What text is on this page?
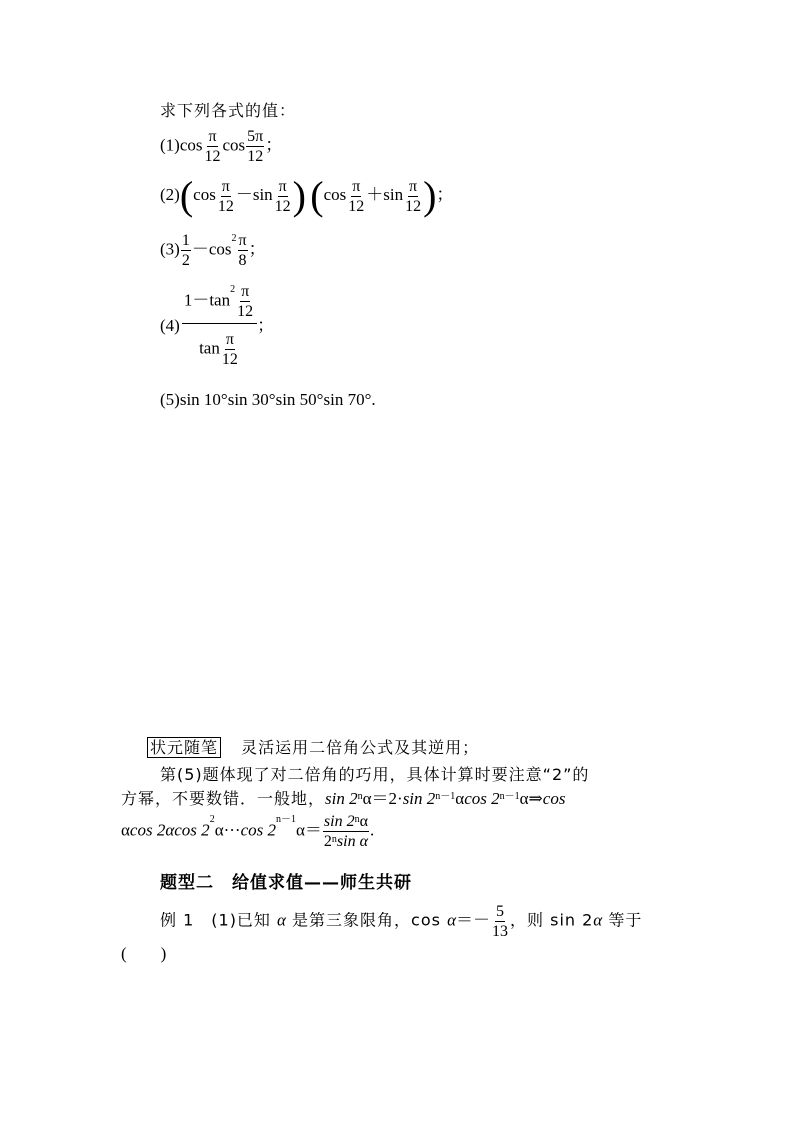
求下列各式的值：
$(1)\cos \frac{\pi}{12}$ $\cos \frac{5\pi}{12}$ ；
$(2)(\cos \frac{\pi}{12} -\sin \frac{\pi}{12}$ ) ($\cos \frac{\pi}{12} +\sin \frac{\pi}{12}$ )；
$(3) \frac{1}{2} -\cos^2 \frac{\pi}{8}$ ；
(4)
$1-\tan^2 \frac{\pi}{12}$
$\tan \frac{\pi}{12}$
；
(5)sin 10°sin 30°sin 50°sin 70°.
状元随笔 灵活运用二倍角公式及其逆用；
第(5)题体现了对二倍角的巧用，具体计算时要注意“2”的
方幂，不要数错．一般地，$\sin 2^n\alpha=2\cdot\sin$ $2^{n-1}\alpha\cos$ $2^{n-1}\alpha\Rightarrow\cos$
αcos 2αcos $2^2\alpha\cdot\cdot\cdot\cos$ $2^{n-1}\alpha= \frac{\sin 2^n\alpha}{2^n\sin \alpha}$ .
题型二　给值求值——师生共研
例 1　(1)已知 α 是第三象限角，$\cos \alpha=- \frac{5}{13}$ ，则 sin 2α 等于
(　　)
